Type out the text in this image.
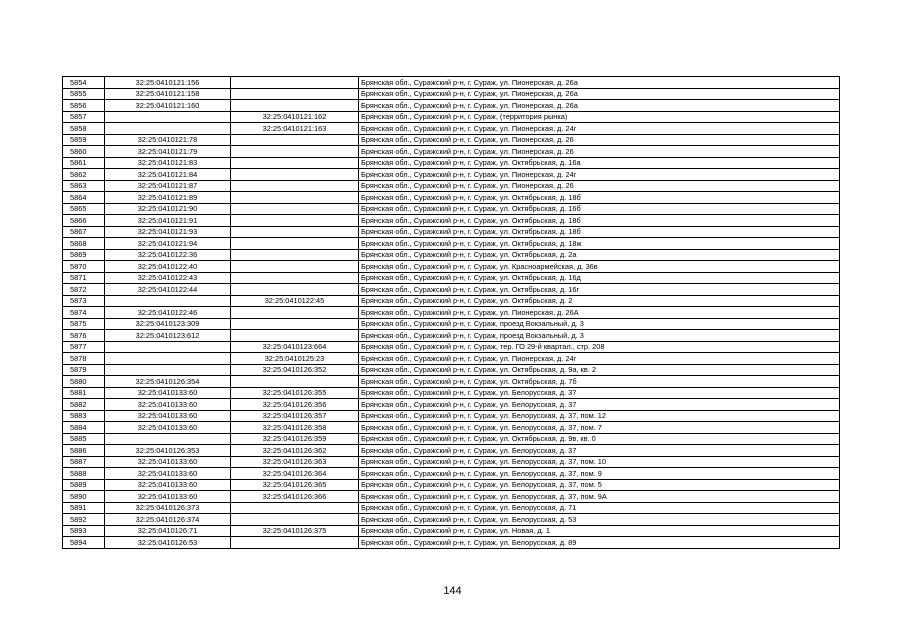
5854	32:25:0410121:156		Брянская обл., Суражский р-н, г. Сураж, ул. Пионерская, д. 26а
5855	32:25:0410121:158		Брянская обл., Суражский р-н, г. Сураж, ул. Пионерская, д. 26а
5856	32:25:0410121:160		Брянская обл., Суражский р-н, г. Сураж, ул. Пионерская, д. 26а
5857		32:25:0410121:162	Брянская обл., Суражский р-н, г. Сураж, (территория рынка)
5858		32:25:0410121:163	Брянская обл., Суражский р-н, г. Сураж, ул. Пионерская, д. 24г
5859	32:25:0410121:78		Брянская обл., Суражский р-н, г. Сураж, ул. Пионерская, д. 26
5860	32:25:0410121:79		Брянская обл., Суражский р-н, г. Сураж, ул. Пионерская, д. 26
5861	32:25:0410121:83		Брянская обл., Суражский р-н, г. Сураж, ул. Октябрьская, д. 16а
5862	32:25:0410121:84		Брянская обл., Суражский р-н, г. Сураж, ул. Пионерская, д. 24г
5863	32:25:0410121:87		Брянская обл., Суражский р-н, г. Сураж, ул. Пионерская, д. 26
5864	32:25:0410121:89		Брянская обл., Суражский р-н, г. Сураж, ул. Октябрьская, д. 18б
5865	32:25:0410121:90		Брянская обл., Суражский р-н, г. Сураж, ул. Октябрьская, д. 16б
5866	32:25:0410121:91		Брянская обл., Суражский р-н, г. Сураж, ул. Октябрьская, д. 18б
5867	32:25:0410121:93		Брянская обл., Суражский р-н, г. Сураж, ул. Октябрьская, д. 18б
5868	32:25:0410121:94		Брянская обл., Суражский р-н, г. Сураж, ул. Октябрьская, д. 18ж
5869	32:25:0410122:36		Брянская обл., Суражский р-н, г. Сураж, ул. Октябрьская, д. 2а
5870	32:25:0410122:40		Брянская обл., Суражский р-н, г. Сураж, ул. Красноармейская, д. 36в
5871	32:25:0410122:43		Брянская обл., Суражский р-н, г. Сураж, ул. Октябрьская, д. 16д
5872	32:25:0410122:44		Брянская обл., Суражский р-н, г. Сураж, ул. Октябрьская, д. 16г
5873		32:25:0410122:45	Брянская обл., Суражский р-н, г. Сураж, ул. Октябрьская, д. 2
5874	32:25:0410122:46		Брянская обл., Суражский р-н, г. Сураж, ул. Пионерская, д. 26А
5875	32:25:0410123:309		Брянская обл., Суражский р-н, г. Сураж, проезд Вокзальный, д. 3
5876	32:25:0410123:612		Брянская обл., Суражский р-н, г. Сураж, проезд Вокзальный, д. 3
5877		32:25:0410123:664	Брянская обл., Суражский р-н, г. Сураж, тер. ГО 29-й квартал., стр. 208
5878		32:25:0410125:23	Брянская обл., Суражский р-н, г. Сураж, ул. Пионерская, д. 24г
5879		32:25:0410126:352	Брянская обл., Суражский р-н, г. Сураж, ул. Октябрьская, д. 9а, кв. 2
5880	32:25:0410126:354		Брянская обл., Суражский р-н, г. Сураж, ул. Октябрьская, д. 7б
5881	32:25:0410133:60	32:25:0410126:355	Брянская обл., Суражский р-н, г. Сураж, ул. Белорусская, д. 37
5882	32:25:0410133:60	32:25:0410126:356	Брянская обл., Суражский р-н, г. Сураж, ул. Белорусская, д. 37
5883	32:25:0410133:60	32:25:0410126:357	Брянская обл., Суражский р-н, г. Сураж, ул. Белорусская, д. 37, пом. 12
5884	32:25:0410133:60	32:25:0410126:358	Брянская обл., Суражский р-н, г. Сураж, ул. Белорусская, д. 37, пом. 7
5885		32:25:0410126:359	Брянская обл., Суражский р-н, г. Сураж, ул. Октябрьская, д. 9в, кв. 0
5886	32:25:0410126:353	32:25:0410126:362	Брянская обл., Суражский р-н, г. Сураж, ул. Белорусская, д. 37
5887	32:25:0410133:60	32:25:0410126:363	Брянская обл., Суражский р-н, г. Сураж, ул. Белорусская, д. 37, пом. 10
5888	32:25:0410133:60	32:25:0410126:364	Брянская обл., Суражский р-н, г. Сураж, ул. Белорусская, д. 37, пом. 9
5889	32:25:0410133:60	32:25:0410126:365	Брянская обл., Суражский р-н, г. Сураж, ул. Белорусская, д. 37, пом. 5
5890	32:25:0410133:60	32:25:0410126:366	Брянская обл., Суражский р-н, г. Сураж, ул. Белорусская, д. 37, пом. 9А
5891	32:25:0410126:373		Брянская обл., Суражский р-н, г. Сураж, ул. Белорусская, д. 71
5892	32:25:0410126:374		Брянская обл., Суражский р-н, г. Сураж, ул. Белорусская, д. 53
5893	32:25:0410126:71	32:25:0410126:375	Брянская обл., Суражский р-н, г. Сураж, ул. Новая, д. 1
5894	32:25:0410126:53		Брянская обл., Суражский р-н, г. Сураж, ул. Белорусская, д. 89
144
